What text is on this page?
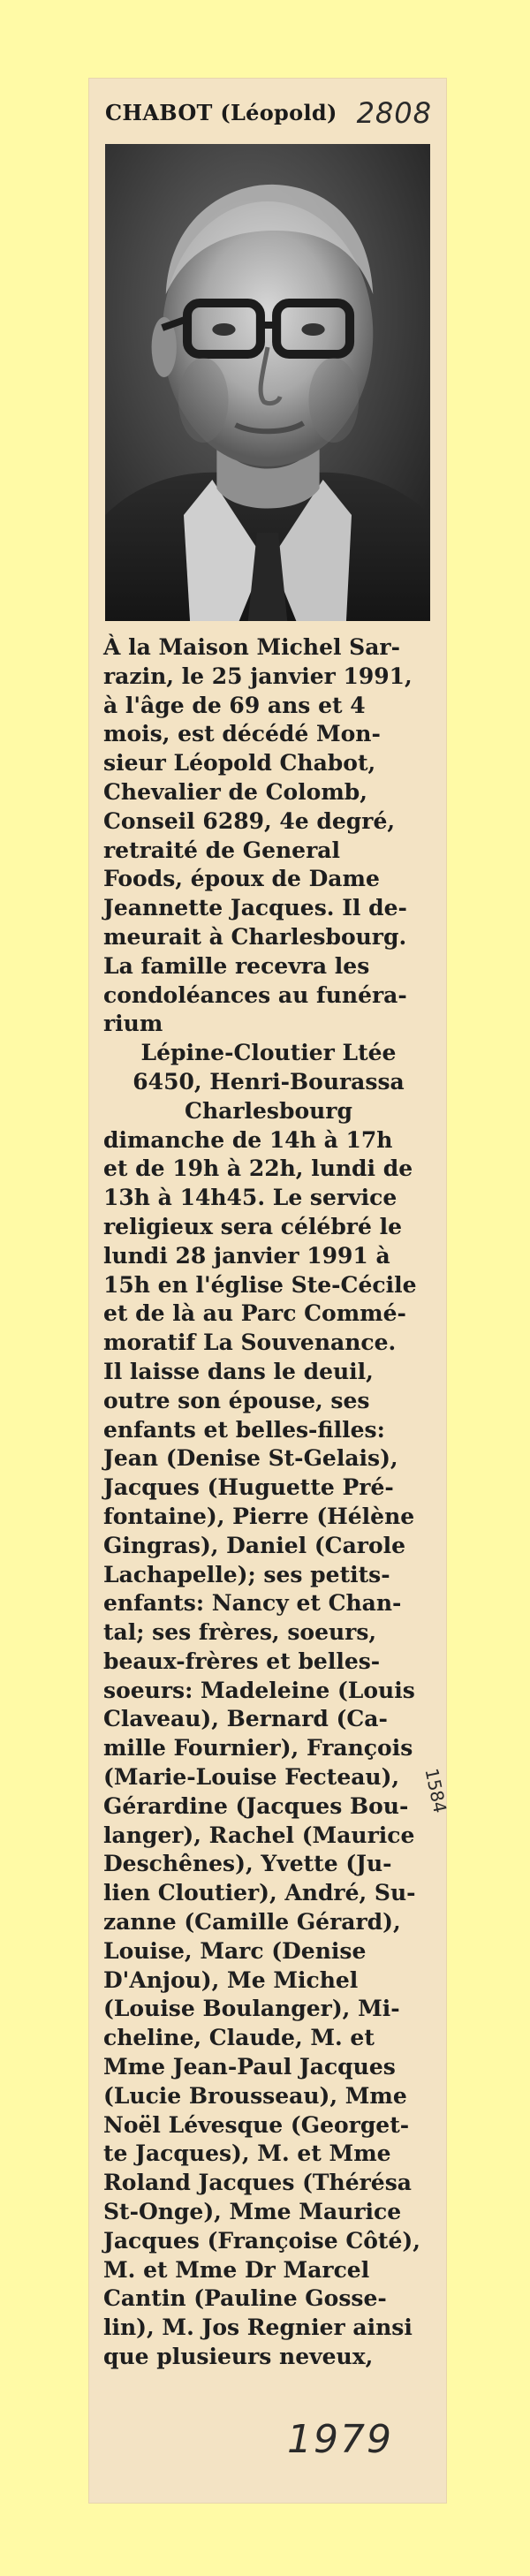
CHABOT (Léopold) 2808

À la Maison Michel Sar-
razin, le 25 janvier 1991,
à l'âge de 69 ans et 4
mois, est décédé Mon-
sieur Léopold Chabot,
Chevalier de Colomb,
Conseil 6289, 4e degré,
retraité de General
Foods, époux de Dame
Jeannette Jacques. Il de-
meurait à Charlesbourg.
La famille recevra les
condoléances au funéra-
rium

Lépine-Cloutier Ltée
6450, Henri-Bourassa
Charlesbourg

dimanche de 14h à 17h
et de 19h à 22h, lundi de
13h à 14h45. Le service
religieux sera célébré le
lundi 28 janvier 1991 à
15h en l'église Ste-Cécile
et de là au Parc Commé-
moratif La Souvenance.
Il laisse dans le deuil,
outre son épouse, ses
enfants et belles-filles:
Jean (Denise St-Gelais),
Jacques (Huguette Pré-
fontaine), Pierre (Hélène
Gingras), Daniel (Carole
Lachapelle); ses petits-
enfants: Nancy et Chan-
tal; ses frères, soeurs,
beaux-frères et belles-
soeurs: Madeleine (Louis
Claveau), Bernard (Ca-
mille Fournier), François
(Marie-Louise Fecteau),
Gérardine (Jacques Bou-
langer), Rachel (Maurice
Deschênes), Yvette (Ju-
lien Cloutier), André, Su-
zanne (Camille Gérard),
Louise, Marc (Denise
D'Anjou), Me Michel
(Louise Boulanger), Mi-
cheline, Claude, M. et
Mme Jean-Paul Jacques
(Lucie Brousseau), Mme
Noël Lévesque (Georget-
te Jacques), M. et Mme
Roland Jacques (Thérésa
St-Onge), Mme Maurice
Jacques (Françoise Côté),
M. et Mme Dr Marcel
Cantin (Pauline Gosse-
lin), M. Jos Regnier ainsi
que plusieurs neveux,

1584
1979
